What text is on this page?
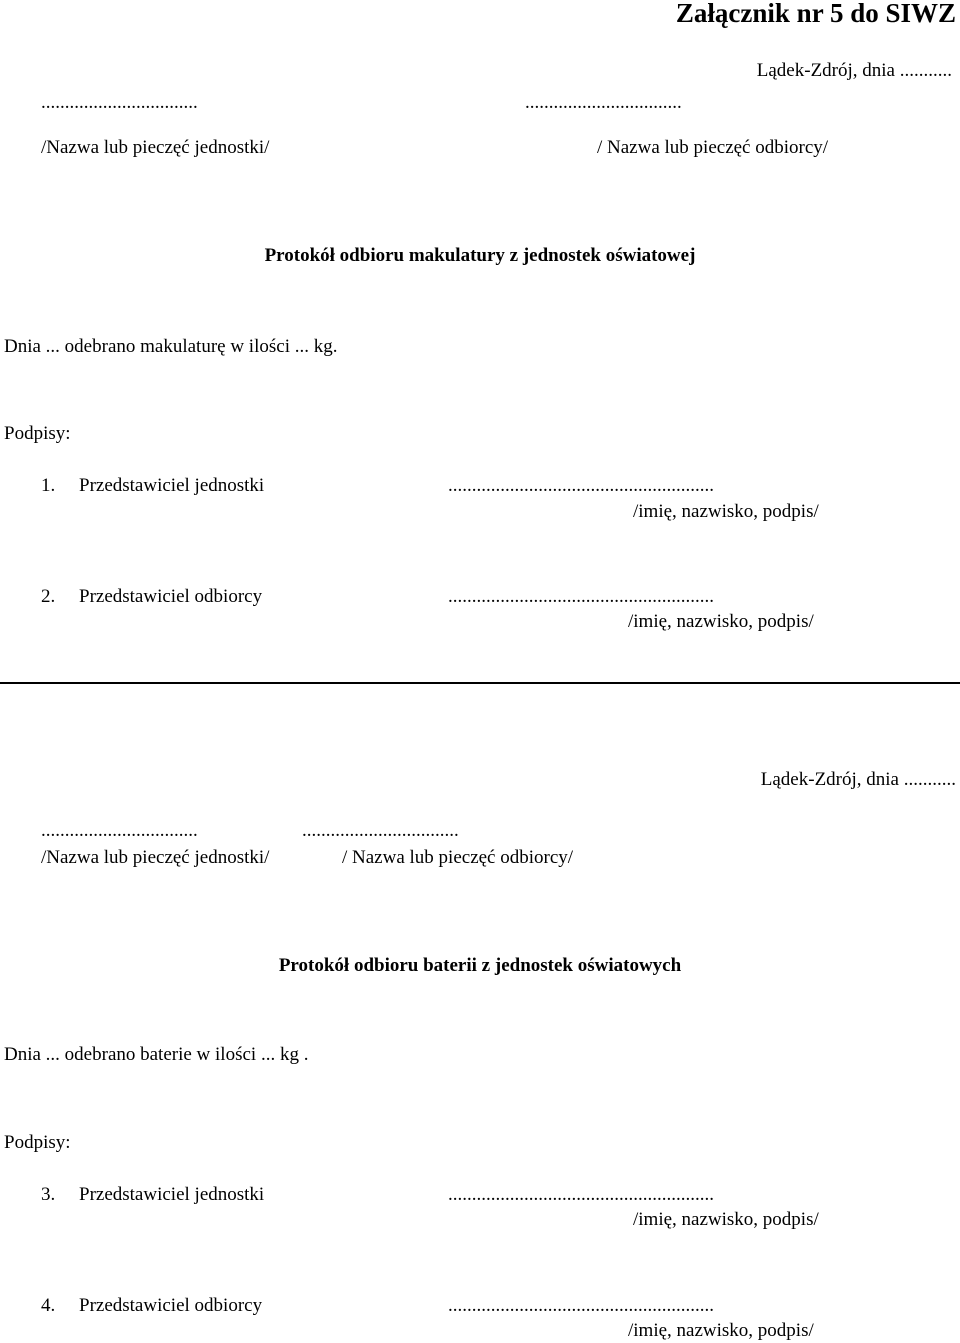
Załącznik nr 5 do SIWZ
Lądek-Zdrój, dnia ...........
.................................	.................................
/Nazwa lub pieczęć jednostki/	/ Nazwa lub pieczęć odbiorcy/
Protokół odbioru makulatury z jednostek oświatowej
Dnia ... odebrano makulaturę w ilości ... kg.
Podpisy:
1. Przedstawiciel jednostki	........................................................
/imię, nazwisko, podpis/
2. Przedstawiciel odbiorcy	........................................................
/imię, nazwisko, podpis/
Lądek-Zdrój, dnia ...........
.................................	.................................
/Nazwa lub pieczęć jednostki/	/ Nazwa lub pieczęć odbiorcy/
Protokół odbioru baterii z jednostek oświatowych
Dnia ... odebrano baterie w ilości ... kg .
Podpisy:
3. Przedstawiciel jednostki	........................................................
/imię, nazwisko, podpis/
4. Przedstawiciel odbiorcy	........................................................
/imię, nazwisko, podpis/
